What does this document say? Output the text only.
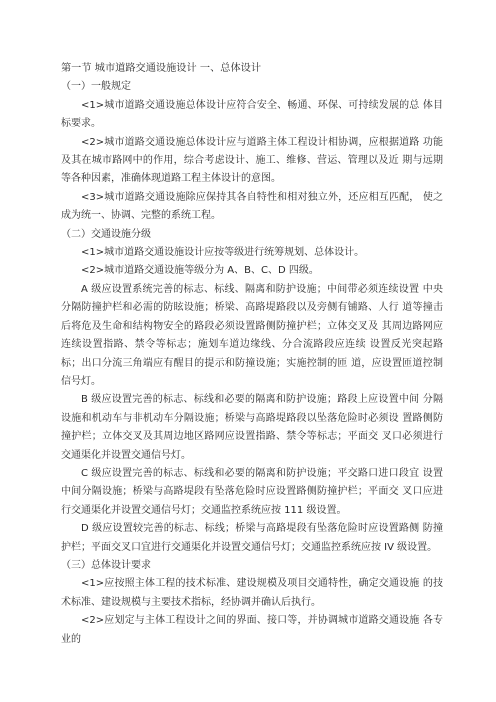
第一节 城市道路交通设施设计 一、总体设计

（一）一般规定

<1>城市道路交通设施总体设计应符合安全、畅通、环保、可持续发展的总 体目标要求。

<2>城市道路交通设施总体设计应与道路主体工程设计相协调，应根据道路 功能及其在城市路网中的作用，综合考虑设计、施工、维修、营运、管理以及近 期与远期等各种因素，准确体现道路工程主体设计的意图。

<3>城市道路交通设施除应保持其各自特性和相对独立外，还应相互匹配， 使之成为统一、协调、完整的系统工程。

（二）交通设施分级

<1>城市道路交通设施设计应按等级进行统筹规划、总体设计。

<2>城市道路交通设施等级分为 A、B、C、D 四级。

A 级应设置系统完善的标志、标线、隔离和防护设施；中间带必须连续设置 中央分隔防撞护栏和必需的防眩设施；桥梁、高路堤路段以及旁侧有铺路、人行 道等撞击后将危及生命和结构物安全的路段必须设置路侧防撞护栏；立体交叉及 其周边路网应连续设置指路、禁令等标志；施划车道边缘线、分合流路段应连续 设置反光突起路标；出口分流三角端应有醒目的提示和防撞设施；实施控制的匝 道，应设置匝道控制信号灯。

B 级应设置完善的标志、标线和必要的隔离和防护设施；路段上应设置中间 分隔设施和机动车与非机动车分隔设施；桥梁与高路堤路段以坠落危险时必须设 置路侧防撞护栏；立体交叉及其周边地区路网应设置指路、禁令等标志；平面交 叉口必须进行交通渠化并设置交通信号灯。

C 级应设置完善的标志、标线和必要的隔离和防护设施；平交路口进口段宜 设置中间分隔设施；桥梁与高路堤段有坠落危险时应设置路侧防撞护栏；平面交 叉口应进行交通渠化并设置交通信号灯；交通监控系统应按 111 级设置。

D 级应设置较完善的标志、标线；桥梁与高路堤段有坠落危险时应设置路侧 防撞护栏；平面交叉口宜进行交通渠化并设置交通信号灯；交通监控系统应按 IV 级设置。

（三）总体设计要求

<1>应按照主体工程的技术标准、建设规模及项目交通特性，确定交通设施 的技术标准、建设规模与主要技术指标，经协调并确认后执行。

<2>应划定与主体工程设计之间的界面、接口等，并协调城市道路交通设施 各专业的
